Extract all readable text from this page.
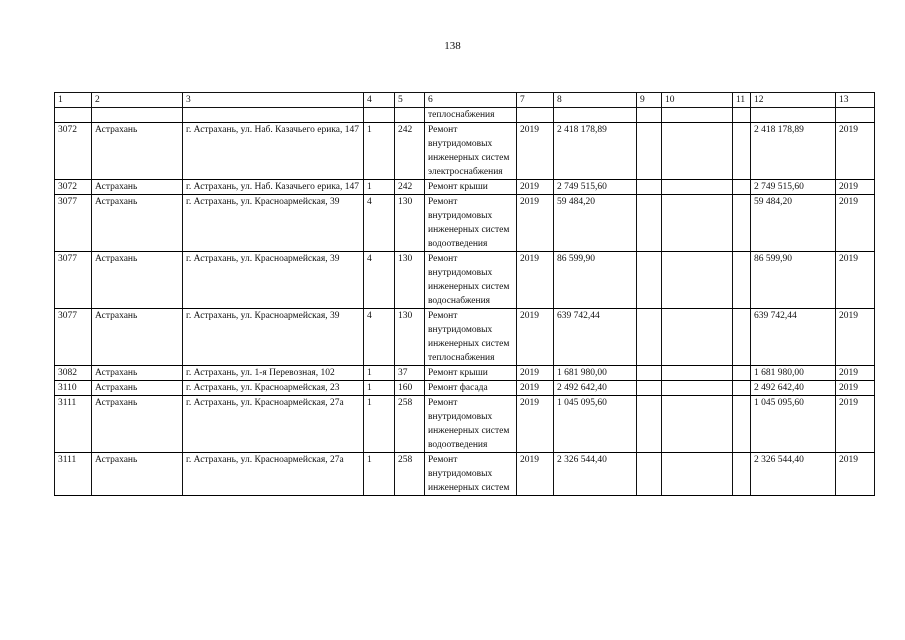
138
1	2	3	4	5	6	7	8	9	10	11	12	13
					теплоснабжения							
3072	Астрахань	г. Астрахань, ул. Наб. Казачьего ерика, 147	1	242	Ремонт внутридомовых инженерных систем электроснабжения	2019	2 418 178,89				2 418 178,89	2019
3072	Астрахань	г. Астрахань, ул. Наб. Казачьего ерика, 147	1	242	Ремонт крыши	2019	2 749 515,60				2 749 515,60	2019
3077	Астрахань	г. Астрахань, ул. Красноармейская, 39	4	130	Ремонт внутридомовых инженерных систем водоотведения	2019	59 484,20				59 484,20	2019
3077	Астрахань	г. Астрахань, ул. Красноармейская, 39	4	130	Ремонт внутридомовых инженерных систем водоснабжения	2019	86 599,90				86 599,90	2019
3077	Астрахань	г. Астрахань, ул. Красноармейская, 39	4	130	Ремонт внутридомовых инженерных систем теплоснабжения	2019	639 742,44				639 742,44	2019
3082	Астрахань	г. Астрахань, ул. 1-я Перевозная, 102	1	37	Ремонт крыши	2019	1 681 980,00				1 681 980,00	2019
3110	Астрахань	г. Астрахань, ул. Красноармейская, 23	1	160	Ремонт фасада	2019	2 492 642,40				2 492 642,40	2019
3111	Астрахань	г. Астрахань, ул. Красноармейская, 27а	1	258	Ремонт внутридомовых инженерных систем водоотведения	2019	1 045 095,60				1 045 095,60	2019
3111	Астрахань	г. Астрахань, ул. Красноармейская, 27а	1	258	Ремонт внутридомовых инженерных систем	2019	2 326 544,40				2 326 544,40	2019
